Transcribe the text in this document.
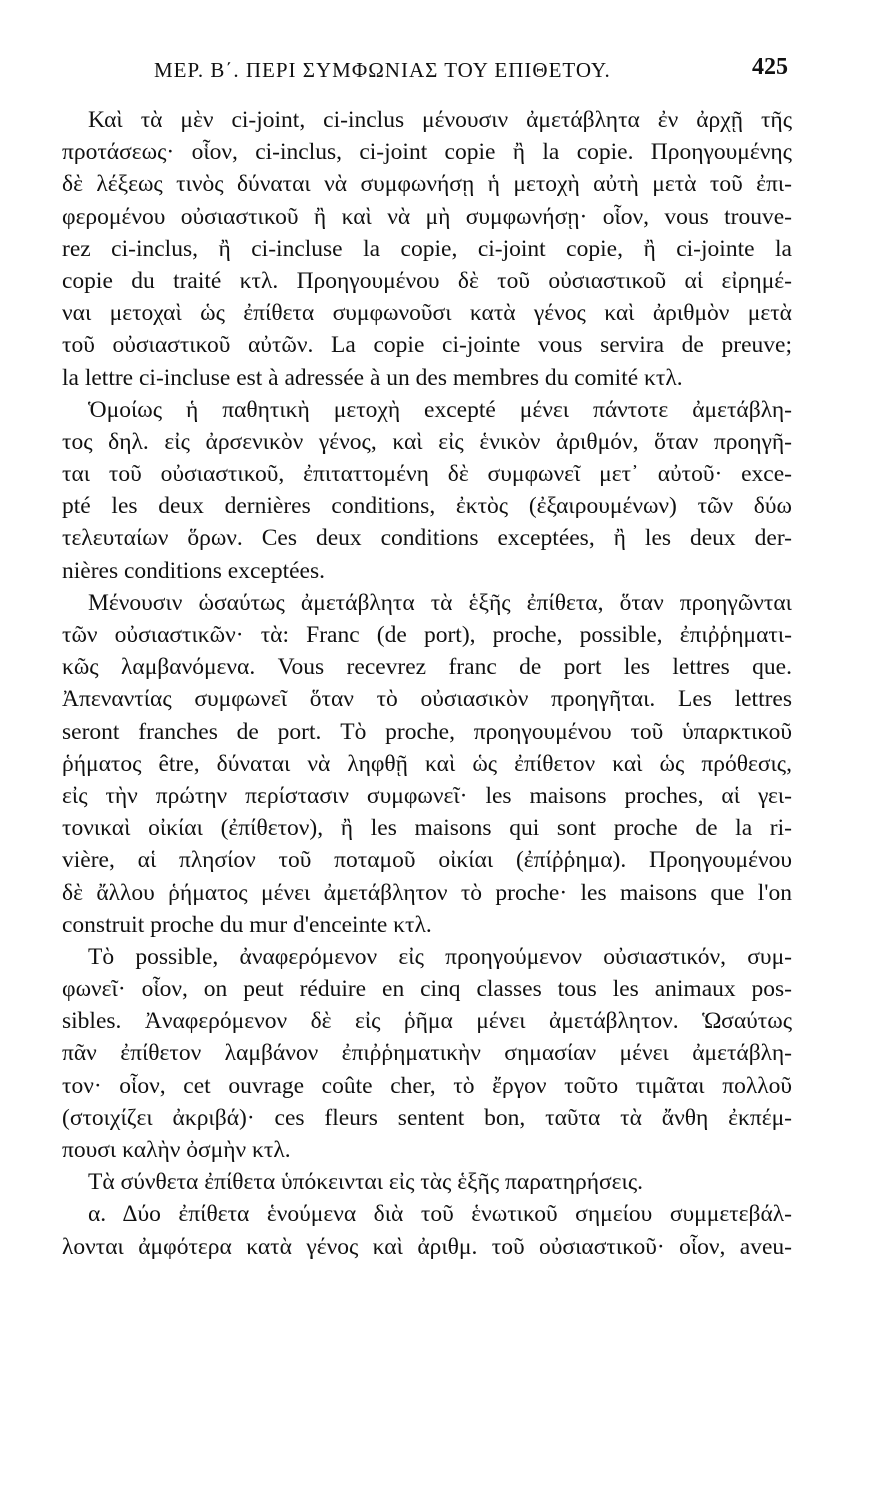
ΜΕΡ. Β΄. ΠΕΡΙ ΣΥΜΦΩΝΙΑΣ ΤΟΥ ΕΠΙΘΕΤΟΥ.	425
Καὶ τὰ μὲν ci-joint, ci-inclus μένουσιν ἀμετάβλητα ἐν ἀρχῇ τῆς
προτάσεως· οἷον, ci-inclus, ci-joint copie ἢ la copie. Προηγουμένης
δὲ λέξεως τινὸς δύναται νὰ συμφωνήσῃ ἡ μετοχὴ αὐτὴ μετὰ τοῦ ἐπι-
φερομένου οὐσιαστικοῦ ἢ καὶ νὰ μὴ συμφωνήσῃ· οἷον, vous trouve-
rez ci-inclus, ἢ ci-incluse la copie, ci-joint copie, ἢ ci-jointe la
copie du traité κτλ. Προηγουμένου δὲ τοῦ οὐσιαστικοῦ αἱ εἰρημέ-
ναι μετοχαὶ ὡς ἐπίθετα συμφωνοῦσι κατὰ γένος καὶ ἀριθμὸν μετὰ
τοῦ οὐσιαστικοῦ αὐτῶν. La copie ci-jointe vous servira de preuve;
la lettre ci-incluse est à adressée à un des membres du comité κτλ.
Ὁμοίως ἡ παθητικὴ μετοχὴ excepté μένει πάντοτε ἀμετάβλη-
τος δηλ. εἰς ἀρσενικὸν γένος, καὶ εἰς ἑνικὸν ἀριθμόν, ὅταν προηγῆ-
ται τοῦ οὐσιαστικοῦ, ἐπιταττομένη δὲ συμφωνεῖ μετ᾽ αὐτοῦ· exce-
pté les deux dernières conditions, ἐκτὸς (ἐξαιρουμένων) τῶν δύω
τελευταίων ὅρων. Ces deux conditions exceptées, ἢ les deux der-
nières conditions exceptées.
Μένουσιν ὡσαύτως ἀμετάβλητα τὰ ἑξῆς ἐπίθετα, ὅταν προηγῶνται
τῶν οὐσιαστικῶν· τὰ: Franc (de port), proche, possible, ἐπιῤῥηματι-
κῶς λαμβανόμενα. Vous recevrez franc de port les lettres que.
Ἀπεναντίας συμφωνεῖ ὅταν τὸ οὐσιασικὸν προηγῆται. Les lettres
seront franches de port. Τὸ proche, προηγουμένου τοῦ ὑπαρκτικοῦ
ῥήματος être, δύναται νὰ ληφθῇ καὶ ὡς ἐπίθετον καὶ ὡς πρόθεσις,
εἰς τὴν πρώτην περίστασιν συμφωνεῖ· les maisons proches, αἱ γει-
τονικαὶ οἰκίαι (ἐπίθετον), ἢ les maisons qui sont proche de la ri-
vière, αἱ πλησίον τοῦ ποταμοῦ οἰκίαι (ἐπίῤῥημα). Προηγουμένου
δὲ ἄλλου ῥήματος μένει ἀμετάβλητον τὸ proche· les maisons que l'on
construit proche du mur d'enceinte κτλ.
Τὸ possible, ἀναφερόμενον εἰς προηγούμενον οὐσιαστικόν, συμ-
φωνεῖ· οἷον, on peut réduire en cinq classes tous les animaux pos-
sibles. Ἀναφερόμενον δὲ εἰς ῥῆμα μένει ἀμετάβλητον. Ὡσαύτως
πᾶν ἐπίθετον λαμβάνον ἐπιῤῥηματικὴν σημασίαν μένει ἀμετάβλη-
τον· οἷον, cet ouvrage coûte cher, τὸ ἔργον τοῦτο τιμᾶται πολλοῦ
(στοιχίζει ἀκριβά)· ces fleurs sentent bon, ταῦτα τὰ ἄνθη ἐκπέμ-
πουσι καλὴν ὀσμὴν κτλ.
Τὰ σύνθετα ἐπίθετα ὑπόκεινται εἰς τὰς ἑξῆς παρατηρήσεις.
α. Δύο ἐπίθετα ἑνούμενα διὰ τοῦ ἑνωτικοῦ σημείου συμμετεβάλ-
λονται ἀμφότερα κατὰ γένος καὶ ἀριθμ. τοῦ οὐσιαστικοῦ· οἷον, aveu-
